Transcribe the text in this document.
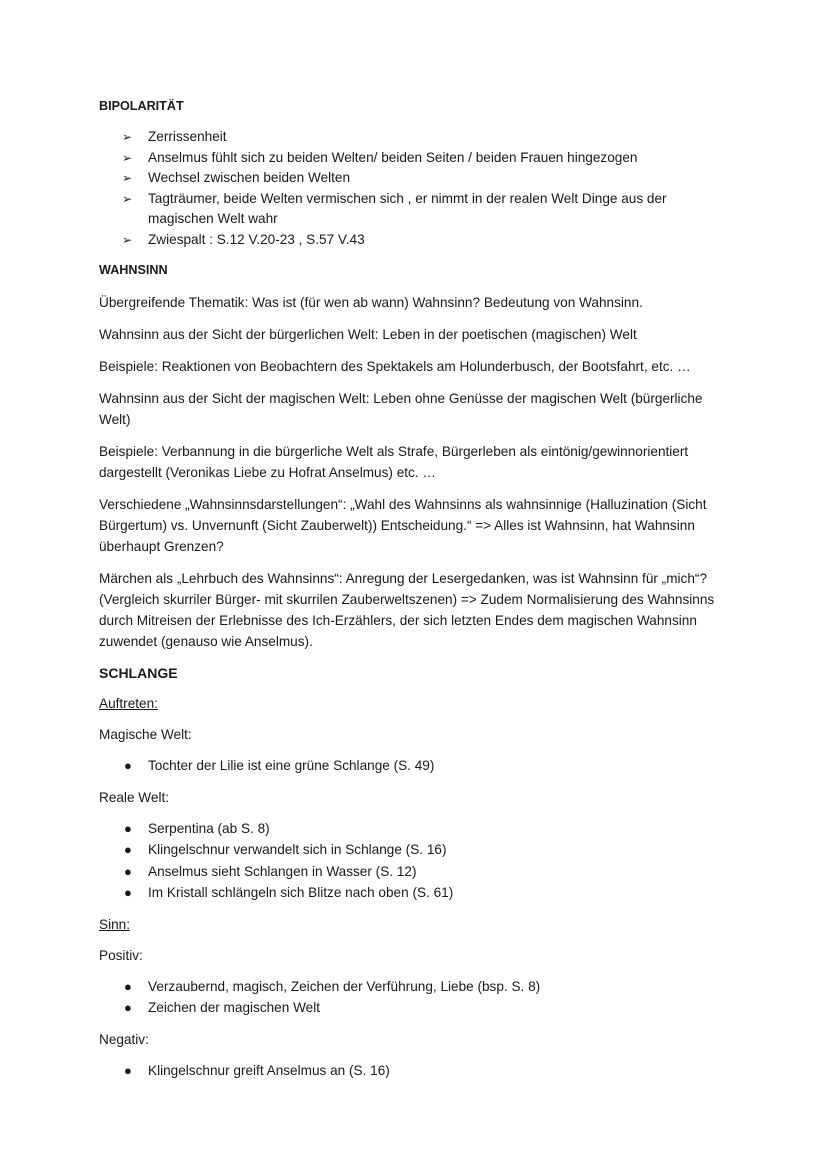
BIPOLARITÄT

➢ Zerrissenheit
➢ Anselmus fühlt sich zu beiden Welten/ beiden Seiten / beiden Frauen hingezogen
➢ Wechsel zwischen beiden Welten
➢ Tagträumer, beide Welten vermischen sich , er nimmt in der realen Welt Dinge aus der magischen Welt wahr
➢ Zwiespalt : S.12 V.20-23 , S.57 V.43

WAHNSINN

Übergreifende Thematik: Was ist (für wen ab wann) Wahnsinn? Bedeutung von Wahnsinn.

Wahnsinn aus der Sicht der bürgerlichen Welt: Leben in der poetischen (magischen) Welt

Beispiele: Reaktionen von Beobachtern des Spektakels am Holunderbusch, der Bootsfahrt, etc. …

Wahnsinn aus der Sicht der magischen Welt: Leben ohne Genüsse der magischen Welt (bürgerliche Welt)

Beispiele: Verbannung in die bürgerliche Welt als Strafe, Bürgerleben als eintönig/gewinnorientiert dargestellt (Veronikas Liebe zu Hofrat Anselmus) etc. …

Verschiedene „Wahnsinnsdarstellungen“: „Wahl des Wahnsinns als wahnsinnige (Halluzination (Sicht Bürgertum) vs. Unvernunft (Sicht Zauberwelt)) Entscheidung.“ => Alles ist Wahnsinn, hat Wahnsinn überhaupt Grenzen?

Märchen als „Lehrbuch des Wahnsinns“: Anregung der Lesergedanken, was ist Wahnsinn für „mich“? (Vergleich skurriler Bürger- mit skurrilen Zauberweltszenen) => Zudem Normalisierung des Wahnsinns durch Mitreisen der Erlebnisse des Ich-Erzählers, der sich letzten Endes dem magischen Wahnsinn zuwendet (genauso wie Anselmus).

SCHLANGE

Auftreten:

Magische Welt:

● Tochter der Lilie ist eine grüne Schlange (S. 49)

Reale Welt:

● Serpentina (ab S. 8)
● Klingelschnur verwandelt sich in Schlange (S. 16)
● Anselmus sieht Schlangen in Wasser (S. 12)
● Im Kristall schlängeln sich Blitze nach oben (S. 61)

Sinn:

Positiv:

● Verzaubernd, magisch, Zeichen der Verführung, Liebe (bsp. S. 8)
● Zeichen der magischen Welt

Negativ:

● Klingelschnur greift Anselmus an (S. 16)
